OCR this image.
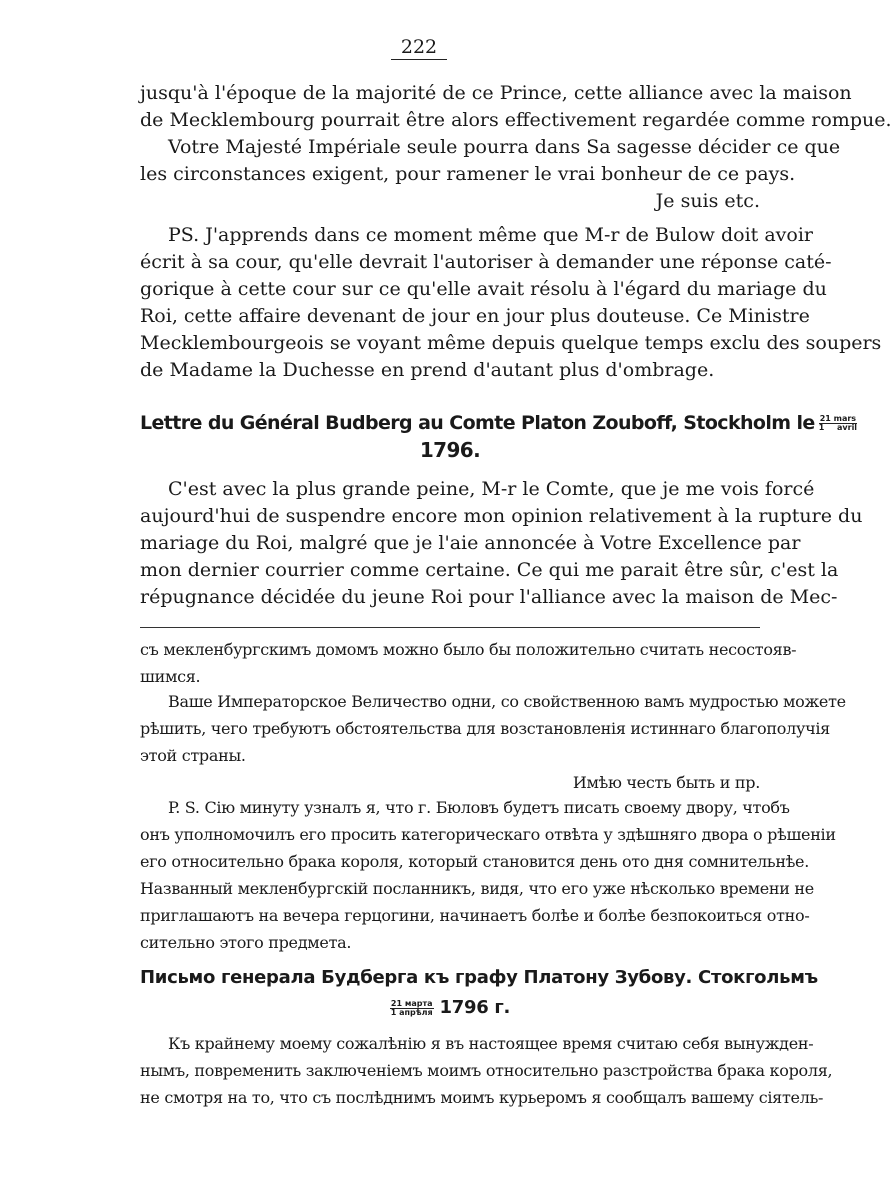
222
jusqu'à l'époque de la majorité de ce Prince, cette alliance avec la maison
de Mecklembourg pourrait être alors effectivement regardée comme rompue.
Votre Majesté Impériale seule pourra dans Sa sagesse décider ce que
les circonstances exigent, pour ramener le vrai bonheur de ce pays.
Je suis etc.
PS. J'apprends dans ce moment même que M-r de Bulow doit avoir
écrit à sa cour, qu'elle devrait l'autoriser à demander une réponse caté-
gorique à cette cour sur ce qu'elle avait résolu à l'égard du mariage du
Roi, cette affaire devenant de jour en jour plus douteuse. Ce Ministre
Mecklembourgeois se voyant même depuis quelque temps exclu des soupers
de Madame la Duchesse en prend d'autant plus d'ombrage.
Lettre du Général Budberg au Comte Platon Zouboff, Stockholm le $\frac{\text{21 mars}}{\text{1 avril}}$
1796.
C'est avec la plus grande peine, M-r le Comte, que je me vois forcé
aujourd'hui de suspendre encore mon opinion relativement à la rupture du
mariage du Roi, malgré que je l'aie annoncée à Votre Excellence par
mon dernier courrier comme certaine. Ce qui me parait être sûr, c'est la
répugnance décidée du jeune Roi pour l'alliance avec la maison de Mec-
съ мекленбургскимъ домомъ можно было бы положительно считать несостояв-
шимся.
Ваше Императорское Величество одни, со свойственною вамъ мудростью можете
рѣшить, чего требуютъ обстоятельства для возстановленія истиннаго благополучія
этой страны.
Имѣю честь быть и пр.
P. S. Сію минуту узналъ я, что г. Бюловъ будетъ писать своему двору, чтобъ
онъ уполномочилъ его просить категорическаго отвѣта у здѣшняго двора о рѣшеніи
его относительно брака короля, который становится день ото дня сомнительнѣе.
Названный мекленбургскій посланникъ, видя, что его уже нѣсколько времени не
приглашаютъ на вечера герцогини, начинаетъ болѣе и болѣе безпокоиться отно-
сительно этого предмета.
Письмо генерала Будберга къ графу Платону Зубову. Стокгольмъ
$\frac{\text{21 марта}}{\text{1 апрѣля}} 1796$ г.
Къ крайнему моему сожалѣнію я въ настоящее время считаю себя вынужден-
нымъ, повременить заключеніемъ моимъ относительно разстройства брака короля,
не смотря на то, что съ послѣднимъ моимъ курьеромъ я сообщалъ вашему сіятель-
